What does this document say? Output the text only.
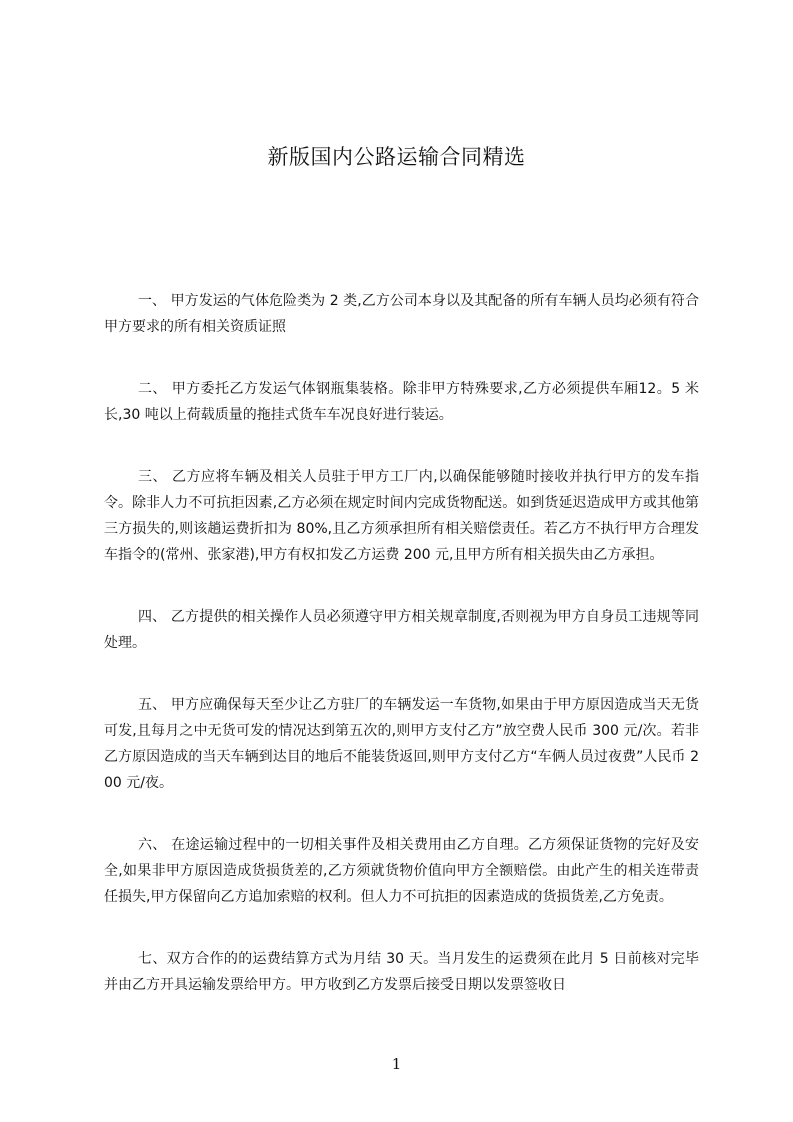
新版国内公路运输合同精选

一、 甲方发运的气体危险类为 2 类,乙方公司本身以及其配备的所有车辆人员均必须有符合甲方要求的所有相关资质证照

二、 甲方委托乙方发运气体钢瓶集装格。除非甲方特殊要求,乙方必须提供车厢12。5 米长,30 吨以上荷载质量的拖挂式货车车况良好进行装运。

三、 乙方应将车辆及相关人员驻于甲方工厂内,以确保能够随时接收并执行甲方的发车指令。除非人力不可抗拒因素,乙方必须在规定时间内完成货物配送。如到货延迟造成甲方或其他第三方损失的,则该趟运费折扣为 80%,且乙方须承担所有相关赔偿责任。若乙方不执行甲方合理发车指令的(常州、张家港),甲方有权扣发乙方运费 200 元,且甲方所有相关损失由乙方承担。

四、 乙方提供的相关操作人员必须遵守甲方相关规章制度,否则视为甲方自身员工违规等同处理。

五、 甲方应确保每天至少让乙方驻厂的车辆发运一车货物,如果由于甲方原因造成当天无货可发,且每月之中无货可发的情况达到第五次的,则甲方支付乙方”放空费人民币 300 元/次。若非乙方原因造成的当天车辆到达目的地后不能装货返回,则甲方支付乙方“车俩人员过夜费”人民币 200 元/夜。

六、 在途运输过程中的一切相关事件及相关费用由乙方自理。乙方须保证货物的完好及安全,如果非甲方原因造成货损货差的,乙方须就货物价值向甲方全额赔偿。由此产生的相关连带责任损失,甲方保留向乙方追加索赔的权利。但人力不可抗拒的因素造成的货损货差,乙方免责。

七、双方合作的的运费结算方式为月结 30 天。当月发生的运费须在此月 5 日前核对完毕并由乙方开具运输发票给甲方。甲方收到乙方发票后接受日期以发票签收日

1
